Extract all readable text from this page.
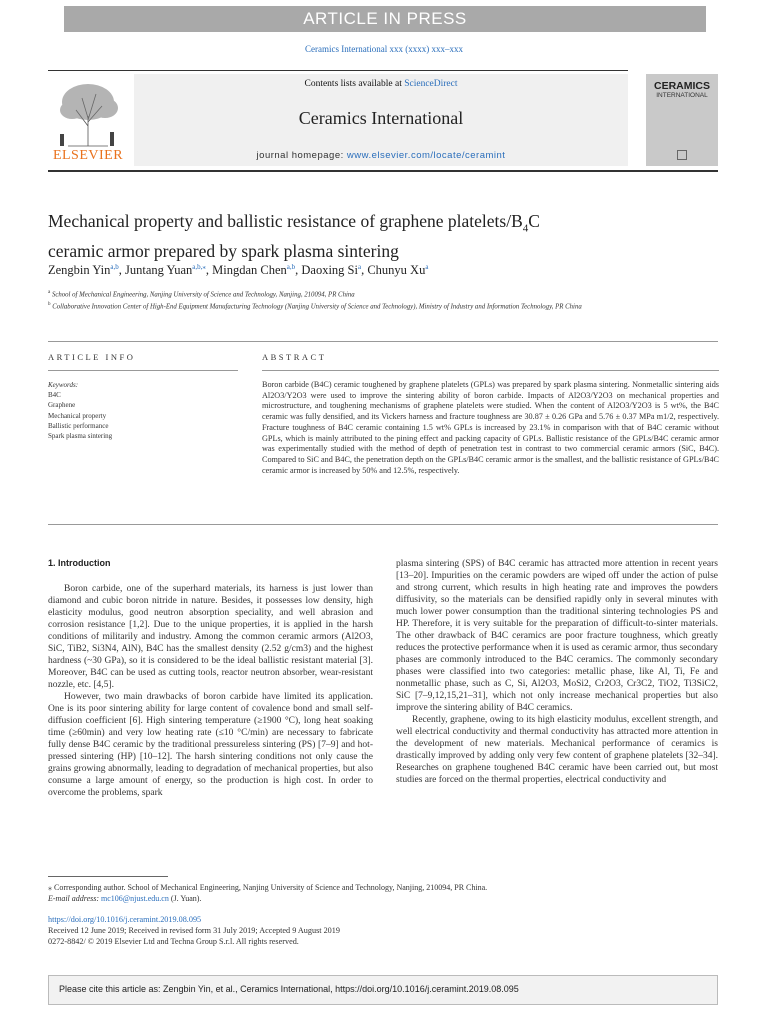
ARTICLE IN PRESS
Ceramics International xxx (xxxx) xxx–xxx
ELSEVIER
Contents lists available at ScienceDirect
Ceramics International
journal homepage: www.elsevier.com/locate/ceramint
CERAMICS
INTERNATIONAL
Mechanical property and ballistic resistance of graphene platelets/$B_4C$
ceramic armor prepared by spark plasma sintering
Zengbin Yin$^{a,b}$, Juntang Yuan$^{a,b,⁎}$, Mingdan Chen$^{a,b}$, Daoxing Si$^a$, Chunyu Xu$^a$
$^a$ School of Mechanical Engineering, Nanjing University of Science and Technology, Nanjing, 210094, PR China
$^b$ Collaborative Innovation Center of High-End Equipment Manufacturing Technology (Nanjing University of Science and Technology), Ministry of Industry and Information Technology, PR China
ARTICLE INFO	ABSTRACT
Keywords:
B4C
Graphene
Mechanical property
Ballistic performance
Spark plasma sintering
Boron carbide (B4C) ceramic toughened by graphene platelets (GPLs) was prepared by spark plasma sintering. Nonmetallic sintering aids Al2O3/Y2O3 were used to improve the sintering ability of boron carbide. Impacts of Al2O3/Y2O3 on mechanical properties and microstructure, and toughening mechanisms of graphene platelets were studied. When the content of Al2O3/Y2O3 is 5 wt%, the B4C ceramic was fully densified, and its Vickers harness and fracture toughness are 30.87 ± 0.26 GPa and 5.76 ± 0.37 MPa m1/2, respectively. Fracture toughness of B4C ceramic containing 1.5 wt% GPLs is increased by 23.1% in comparison with that of B4C ceramic without GPLs, which is mainly attributed to the pining effect and packing capacity of GPLs. Ballistic resistance of the GPLs/B4C ceramic armor was experimentally studied with the method of depth of penetration test in contrast to two commercial ceramic armors (SiC, B4C). Compared to SiC and B4C, the penetration depth on the GPLs/B4C ceramic armor is the smallest, and the ballistic resistance of GPLs/B4C ceramic armor is increased by 50% and 12.5%, respectively.
1. Introduction

Boron carbide, one of the superhard materials, its harness is just lower than diamond and cubic boron nitride in nature. Besides, it possesses low density, high elasticity modulus, good neutron absorption speciality, and well abrasion and corrosion resistance [1,2]. Due to the unique properties, it is applied in the harsh conditions of militarily and industry. Among the common ceramic armors (Al2O3, SiC, TiB2, Si3N4, AlN), B4C has the smallest density (2.52 g/cm3) and the highest hardness (~30 GPa), so it is considered to be the ideal ballistic resistant material [3]. Moreover, B4C can be used as cutting tools, reactor neutron absorber, wear-resistant nozzle, etc. [4,5].

However, two main drawbacks of boron carbide have limited its application. One is its poor sintering ability for large content of covalence bond and small self-diffusion coefficient [6]. High sintering temperature (≥1900 °C), long heat soaking time (≥60min) and very low heating rate (≤10 °C/min) are necessary to fabricate fully dense B4C ceramic by the traditional pressureless sintering (PS) [7–9] and hot-pressed sintering (HP) [10–12]. The harsh sintering conditions not only cause the grains growing abnormally, leading to degradation of mechanical properties, but also consume a large amount of energy, so the production is high cost. In order to overcome the problems, spark

plasma sintering (SPS) of B4C ceramic has attracted more attention in recent years [13–20]. Impurities on the ceramic powders are wiped off under the action of pulse and strong current, which results in high heating rate and improves the powders diffusivity, so the materials can be densified rapidly only in several minutes with much lower power consumption than the traditional sintering technologies PS and HP. Therefore, it is very suitable for the preparation of difficult-to-sinter materials. The other drawback of B4C ceramics are poor fracture toughness, which greatly reduces the protective performance when it is used as ceramic armor, thus secondary phases are commonly introduced to the B4C ceramics. The commonly secondary phases were classified into two categories: metallic phase, like Al, Ti, Fe and nonmetallic phase, such as C, Si, Al2O3, MoSi2, Cr2O3, Cr3C2, TiO2, Ti3SiC2, SiC [7–9,12,15,21–31], which not only increase mechanical properties but also improve the sintering ability of B4C ceramics.

Recently, graphene, owing to its high elasticity modulus, excellent strength, and well electrical conductivity and thermal conductivity has attracted more attention in the development of new materials. Mechanical performance of ceramics is drastically improved by adding only very few content of graphene platelets [32–34]. Researches on graphene toughened B4C ceramic have been carried out, but most studies are forced on the thermal properties, electrical conductivity and

⁎ Corresponding author. School of Mechanical Engineering, Nanjing University of Science and Technology, Nanjing, 210094, PR China.
E-mail address: mc106@njust.edu.cn (J. Yuan).
https://doi.org/10.1016/j.ceramint.2019.08.095
Received 12 June 2019; Received in revised form 31 July 2019; Accepted 9 August 2019
0272-8842/ © 2019 Elsevier Ltd and Techna Group S.r.l. All rights reserved.
Please cite this article as: Zengbin Yin, et al., Ceramics International, https://doi.org/10.1016/j.ceramint.2019.08.095
